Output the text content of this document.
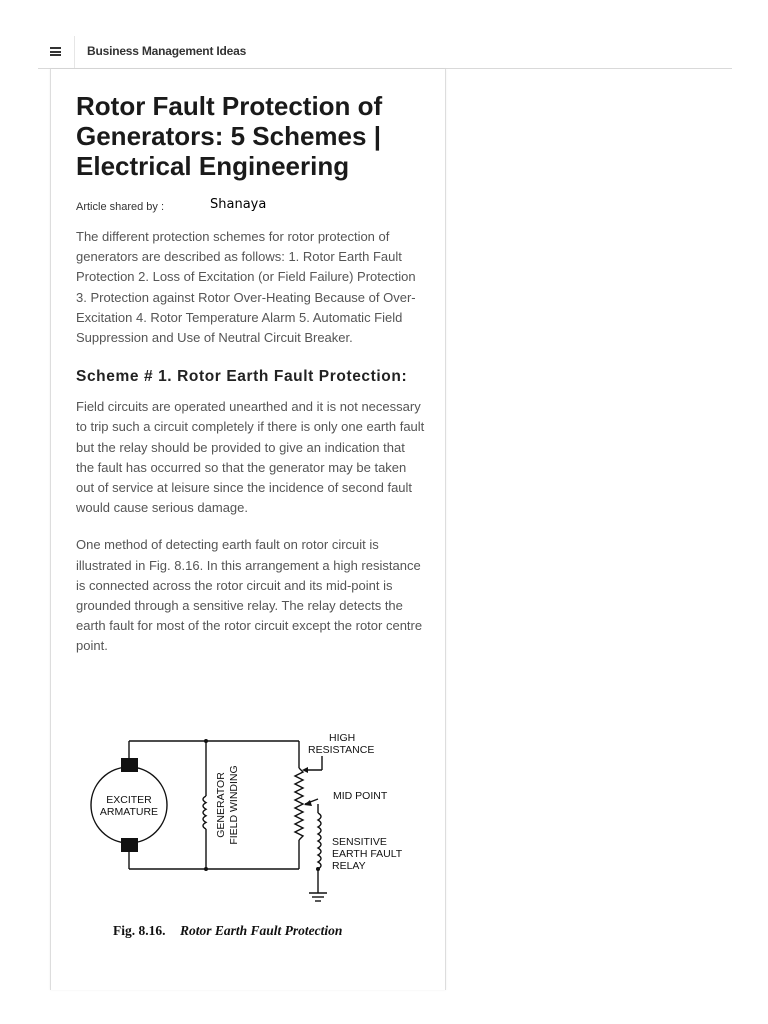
Business Management Ideas
Rotor Fault Protection of Generators: 5 Schemes | Electrical Engineering
Article shared by :	Shanaya

The different protection schemes for rotor protection of generators are described as follows: 1. Rotor Earth Fault Protection 2. Loss of Excitation (or Field Failure) Protection 3. Protection against Rotor Over-Heating Because of Over-Excitation 4. Rotor Temperature Alarm 5. Automatic Field Suppression and Use of Neutral Circuit Breaker.

Scheme # 1. Rotor Earth Fault Protection:

Field circuits are operated unearthed and it is not necessary to trip such a circuit completely if there is only one earth fault but the relay should be provided to give an indication that the fault has occurred so that the generator may be taken out of service at leisure since the incidence of second fault would cause serious damage.

One method of detecting earth fault on rotor circuit is illustrated in Fig. 8.16. In this arrangement a high resistance is connected across the rotor circuit and its mid-point is grounded through a sensitive relay. The relay detects the earth fault for most of the rotor circuit except the rotor centre point.

EXCITER
ARMATURE	GENERATOR FIELD WINDING
HIGH
RESISTANCE
MID POINT
SENSITIVE
EARTH FAULT
RELAY
Fig. 8.16. Rotor Earth Fault Protection
